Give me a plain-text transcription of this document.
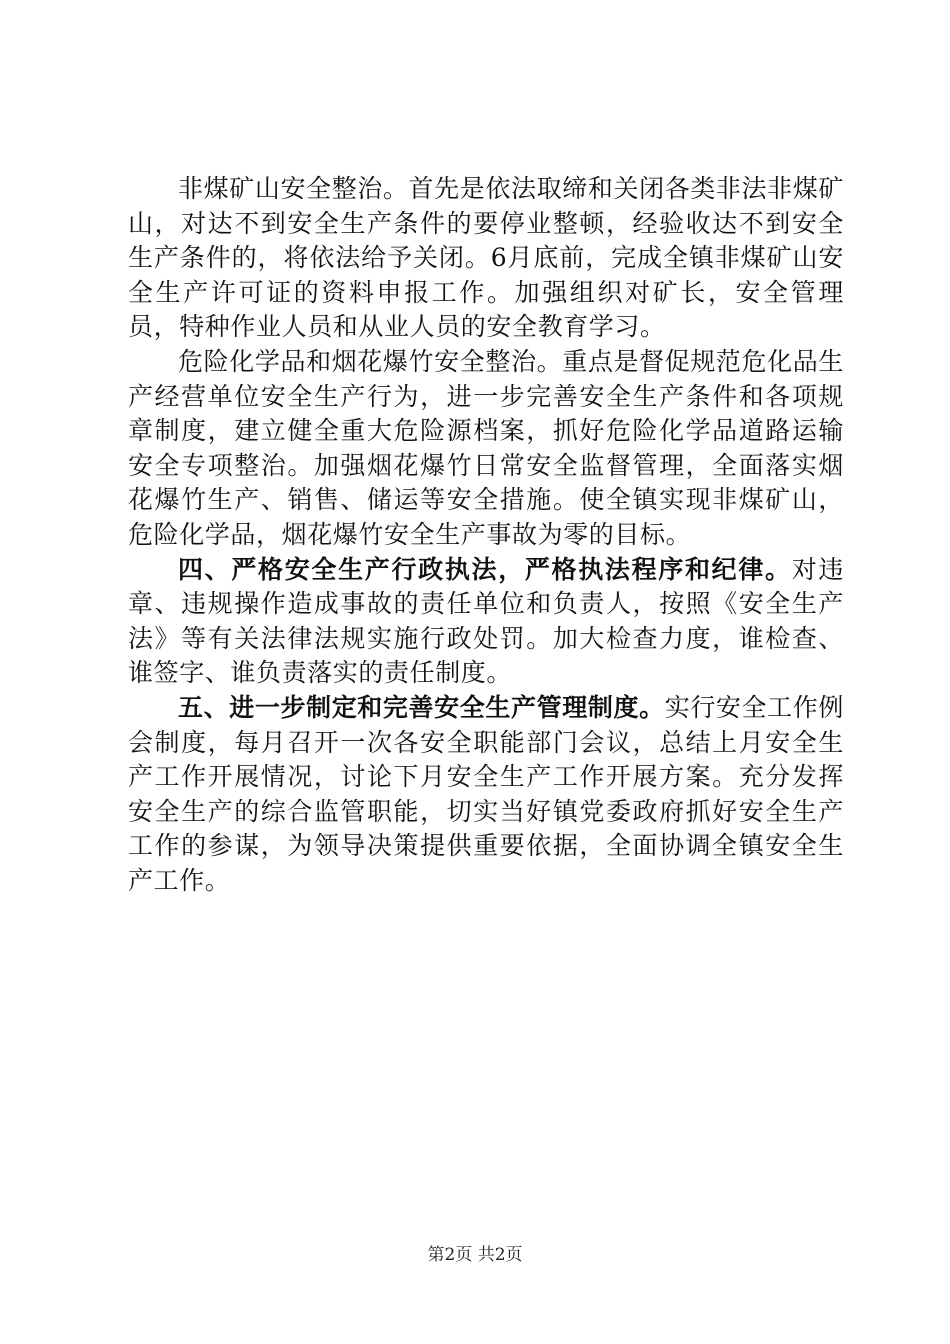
非煤矿山安全整治。首先是依法取缔和关闭各类非法非煤矿山，对达不到安全生产条件的要停业整顿，经验收达不到安全生产条件的，将依法给予关闭。6月底前，完成全镇非煤矿山安全生产许可证的资料申报工作。加强组织对矿长，安全管理员，特种作业人员和从业人员的安全教育学习。

危险化学品和烟花爆竹安全整治。重点是督促规范危化品生产经营单位安全生产行为，进一步完善安全生产条件和各项规章制度，建立健全重大危险源档案，抓好危险化学品道路运输安全专项整治。加强烟花爆竹日常安全监督管理，全面落实烟花爆竹生产、销售、储运等安全措施。使全镇实现非煤矿山，危险化学品，烟花爆竹安全生产事故为零的目标。

四、严格安全生产行政执法，严格执法程序和纪律。对违章、违规操作造成事故的责任单位和负责人，按照《安全生产法》等有关法律法规实施行政处罚。加大检查力度，谁检查、谁签字、谁负责落实的责任制度。

五、进一步制定和完善安全生产管理制度。实行安全工作例会制度，每月召开一次各安全职能部门会议，总结上月安全生产工作开展情况，讨论下月安全生产工作开展方案。充分发挥安全生产的综合监管职能，切实当好镇党委政府抓好安全生产工作的参谋，为领导决策提供重要依据，全面协调全镇安全生产工作。

第2页 共2页
